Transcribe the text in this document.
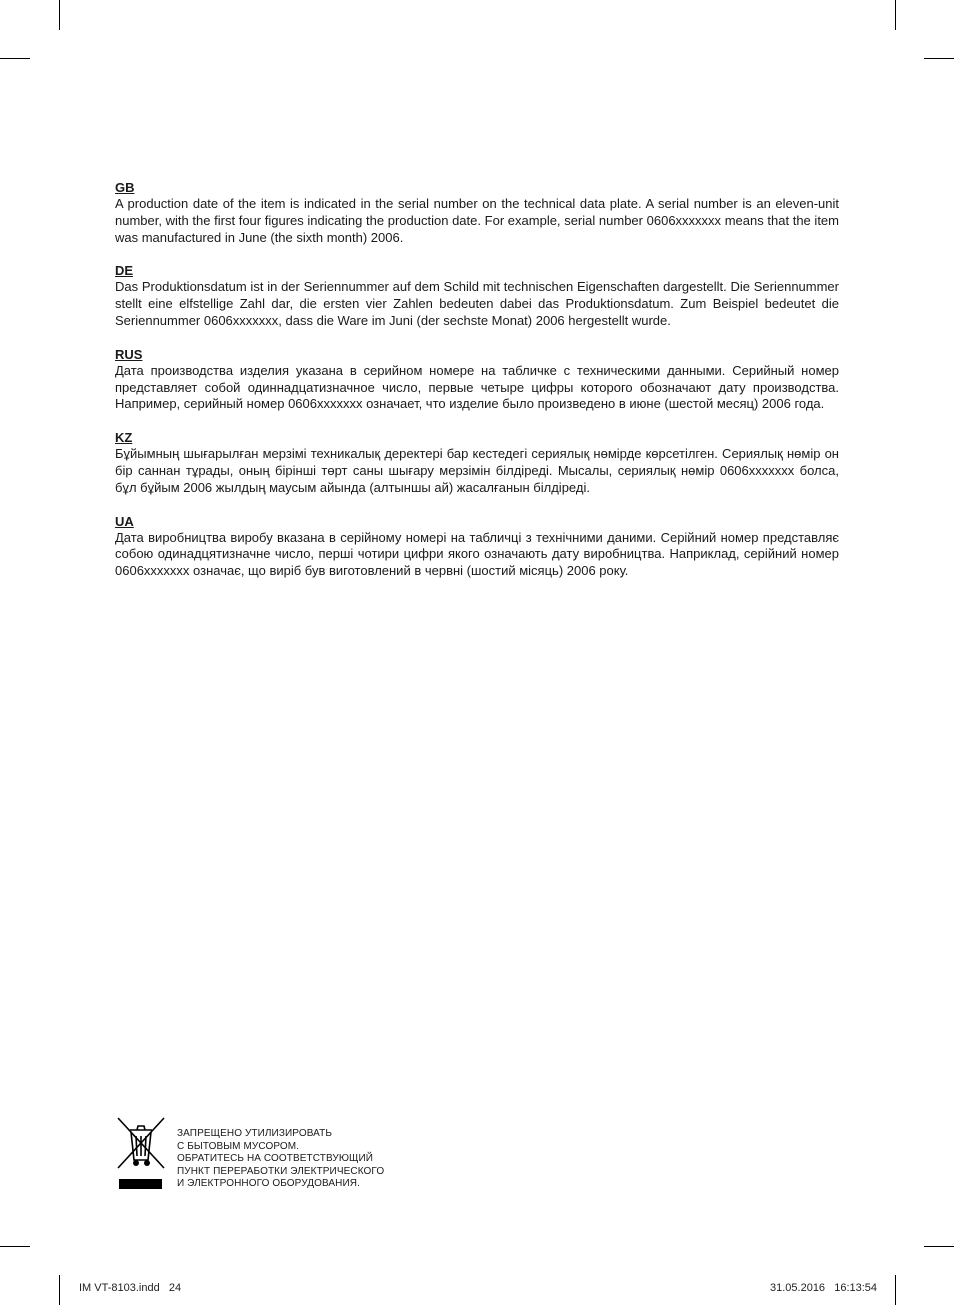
GB

A production date of the item is indicated in the serial number on the technical data plate. A serial number is an eleven-unit number, with the first four figures indicating the production date. For example, serial number 0606xxxxxxx means that the item was manufactured in June (the sixth month) 2006.

DE

Das Produktionsdatum ist in der Seriennummer auf dem Schild mit technischen Eigenschaften dargestellt. Die Seriennummer stellt eine elfstellige Zahl dar, die ersten vier Zahlen bedeuten dabei das Produktionsdatum. Zum Beispiel bedeutet die Seriennummer 0606xxxxxxx, dass die Ware im Juni (der sechste Monat) 2006 hergestellt wurde.

RUS

Дата производства изделия указана в серийном номере на табличке с техническими данными. Серийный номер представляет собой одиннадцатизначное число, первые четыре цифры которого обозначают дату производства. Например, серийный номер 0606xxxxxxx означает, что изделие было произведено в июне (шестой месяц) 2006 года.

KZ

Бұйымның шығарылған мерзімі техникалық деректері бар кестедегі сериялық нөмірде көрсетілген. Сериялық нөмір он бір саннан тұрады, оның бірінші төрт саны шығару мерзімін білдіреді. Мысалы, сериялық нөмір 0606xxxxxxx болса, бұл бұйым 2006 жылдың маусым айында (алтыншы ай) жасалғанын білдіреді.

UA

Дата виробництва виробу вказана в серійному номері на табличці з технічними даними. Серійний номер представляє собою одинадцятизначне число, перші чотири цифри якого означають дату виробництва. Наприклад, серійний номер 0606xxxxxxx означає, що виріб був виготовлений в червні (шостий місяць) 2006 року.

ЗАПРЕЩЕНО УТИЛИЗИРОВАТЬ
С БЫТОВЫМ МУСОРОМ.
ОБРАТИТЕСЬ НА СООТВЕТСТВУЮЩИЙ
ПУНКТ ПЕРЕРАБОТКИ ЭЛЕКТРИЧЕСКОГО
И ЭЛЕКТРОННОГО ОБОРУДОВАНИЯ.
IM VT-8103.indd   24	31.05.2016   16:13:54
